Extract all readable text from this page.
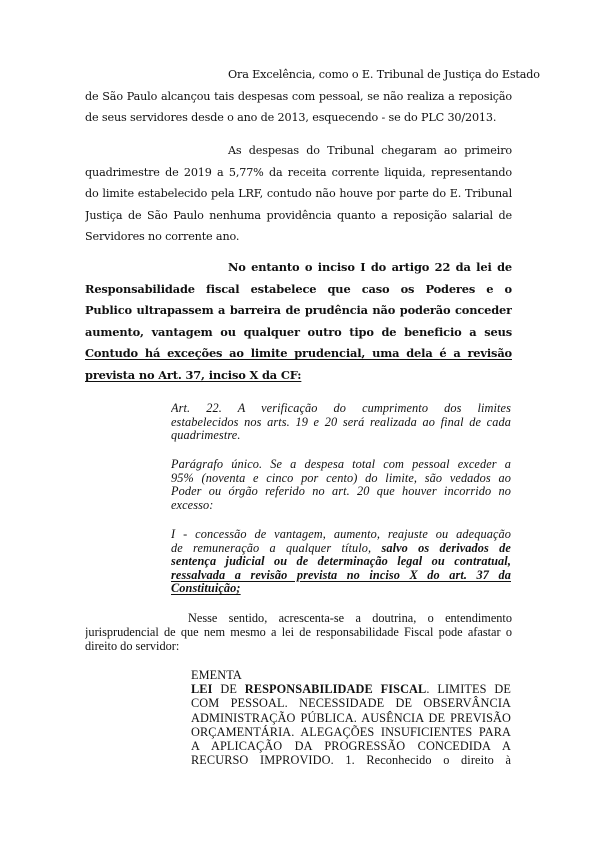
Ora Excelência, como o E. Tribunal de Justiça do Estado
de São Paulo alcançou tais despesas com pessoal, se não realiza a reposição
de seus servidores desde o ano de 2013, esquecendo - se do PLC 30/2013.
As despesas do Tribunal chegaram ao primeiro
quadrimestre de 2019 a 5,77% da receita corrente liquida, representando
do limite estabelecido pela LRF, contudo não houve por parte do E. Tribunal
Justiça de São Paulo nenhuma providência quanto a reposição salarial de
Servidores no corrente ano.
No entanto o inciso I do artigo 22 da lei de
Responsabilidade fiscal estabelece que caso os Poderes e o
Publico ultrapassem a barreira de prudência não poderão conceder
aumento, vantagem ou qualquer outro tipo de beneficio a seus
Contudo há exceções ao limite prudencial, uma dela é a revisão
prevista no Art. 37, inciso X da CF:
Art. 22. A verificação do cumprimento dos limites
estabelecidos nos arts. 19 e 20 será realizada ao final de cada
quadrimestre.
Parágrafo único. Se a despesa total com pessoal exceder a
95% (noventa e cinco por cento) do limite, são vedados ao
Poder ou órgão referido no art. 20 que houver incorrido no
excesso:
I - concessão de vantagem, aumento, reajuste ou adequação
de remuneração a qualquer título, salvo os derivados de
sentença judicial ou de determinação legal ou contratual,
ressalvada a revisão prevista no inciso X do art. 37 da
Constituição;
Nesse sentido, acrescenta-se a doutrina, o entendimento
jurisprudencial de que nem mesmo a lei de responsabilidade Fiscal pode afastar o
direito do servidor:
EMENTA
LEI DE RESPONSABILIDADE FISCAL. LIMITES DE
COM PESSOAL. NECESSIDADE DE OBSERVÂNCIA
ADMINISTRAÇÃO PÚBLICA. AUSÊNCIA DE PREVISÃO
ORÇAMENTÁRIA. ALEGAÇÕES INSUFICIENTES PARA
A APLICAÇÃO DA PROGRESSÃO CONCEDIDA A
RECURSO IMPROVIDO. 1. Reconhecido o direito à
